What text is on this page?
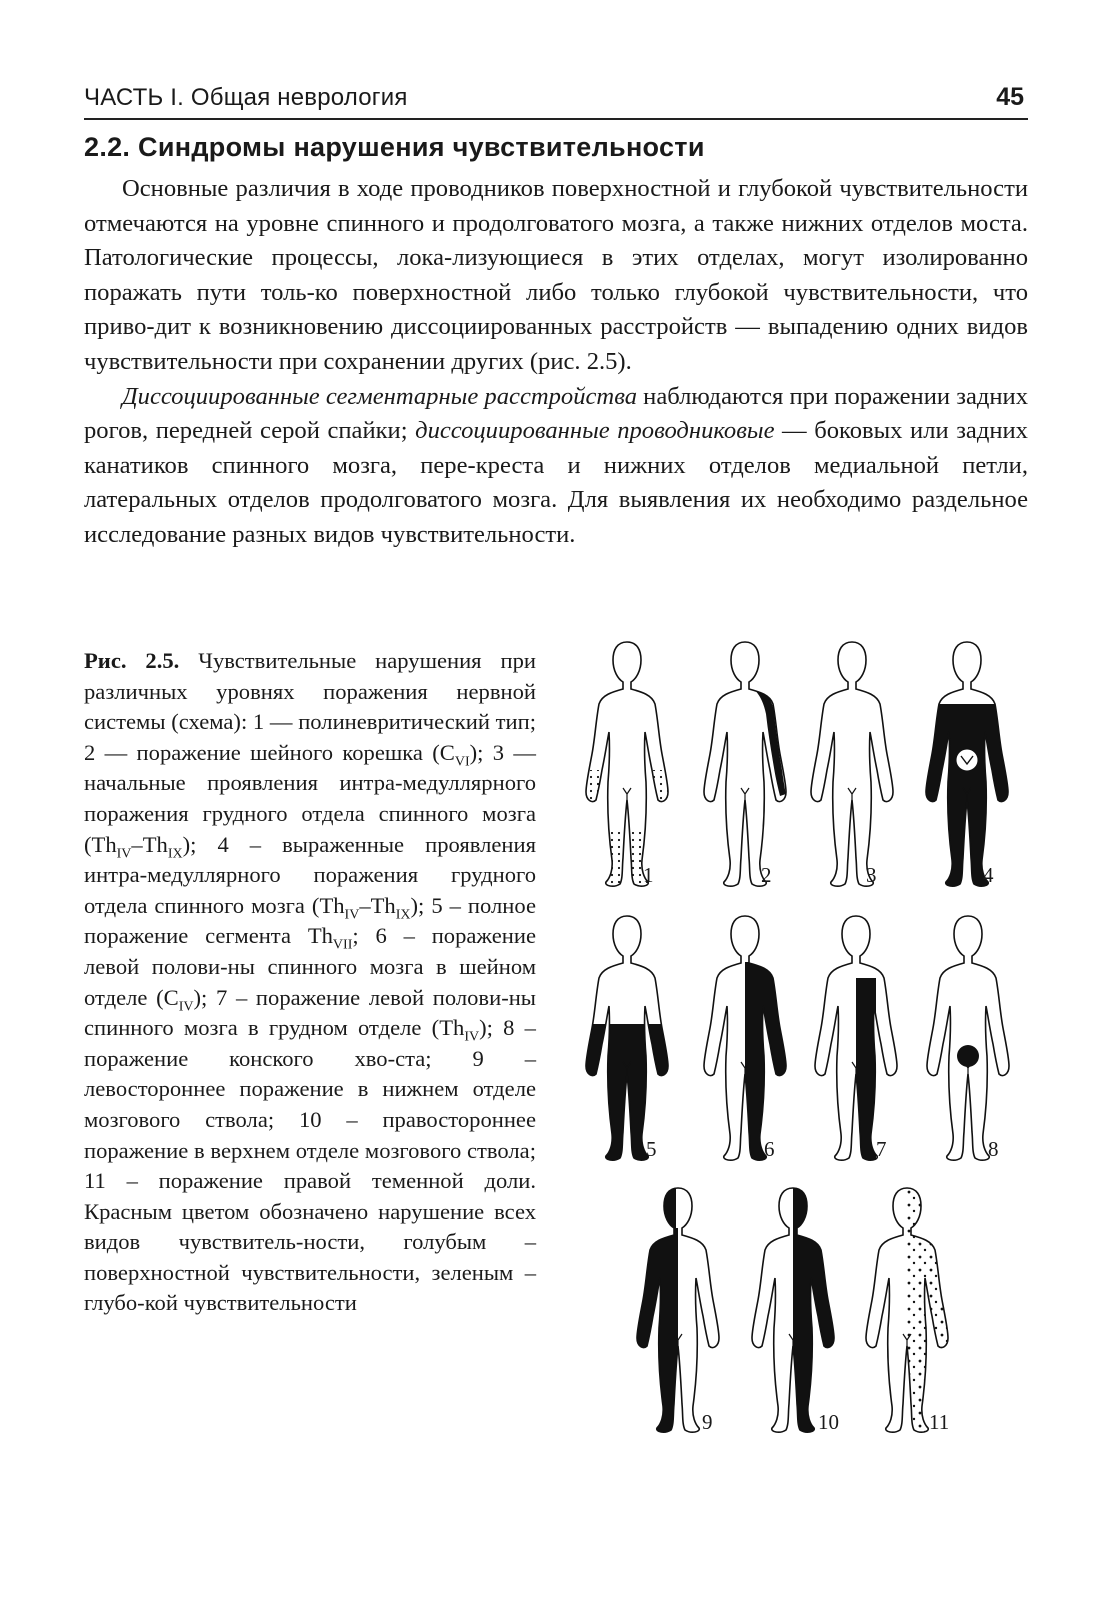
ЧАСТЬ I. Общая неврология	45
2.2. Синдромы нарушения чувствительности

Основные различия в ходе проводников поверхностной и глубокой чувствительности отмечаются на уровне спинного и продолговатого мозга, а также нижних отделов моста. Патологические процессы, лока-лизующиеся в этих отделах, могут изолированно поражать пути толь-ко поверхностной либо только глубокой чувствительности, что приво-дит к возникновению диссоциированных расстройств — выпадению одних видов чувствительности при сохранении других (рис. 2.5).

Диссоциированные сегментарные расстройства наблюдаются при поражении задних рогов, передней серой спайки; диссоциированные проводниковые — боковых или задних канатиков спинного мозга, пере-креста и нижних отделов медиальной петли, латеральных отделов продолговатого мозга. Для выявления их необходимо раздельное исследование разных видов чувствительности.

Рис. 2.5. Чувствительные нарушения при различных уровнях поражения нервной системы (схема): 1 — полиневритический тип; 2 — поражение шейного корешка $(C_{VI})$; 3 — начальные проявления интра-медуллярного поражения грудного отдела спинного мозга $(Th_{IV}-Th_{IX})$; 4 – выраженные проявления интра-медуллярного поражения грудного отдела спинного мозга $(Th_{IV}-Th_{IX})$; 5 – полное поражение сегмента $Th_{VII}$; 6 – поражение левой полови-ны спинного мозга в шейном отделе $(C_{IV})$; 7 – поражение левой полови-ны спинного мозга в грудном отделе $(Th_{IV})$; 8 – поражение конского хво-ста; 9 – левостороннее поражение в нижнем отделе мозгового ствола; 10 – правостороннее поражение в верхнем отделе мозгового ствола; 11 – поражение правой теменной доли. Красным цветом обозначено нарушение всех видов чувствитель-ности, голубым – поверхностной чувствительности, зеленым – глубо-кой чувствительности

1	2	3	4
5	6	7	8
9	10	11
